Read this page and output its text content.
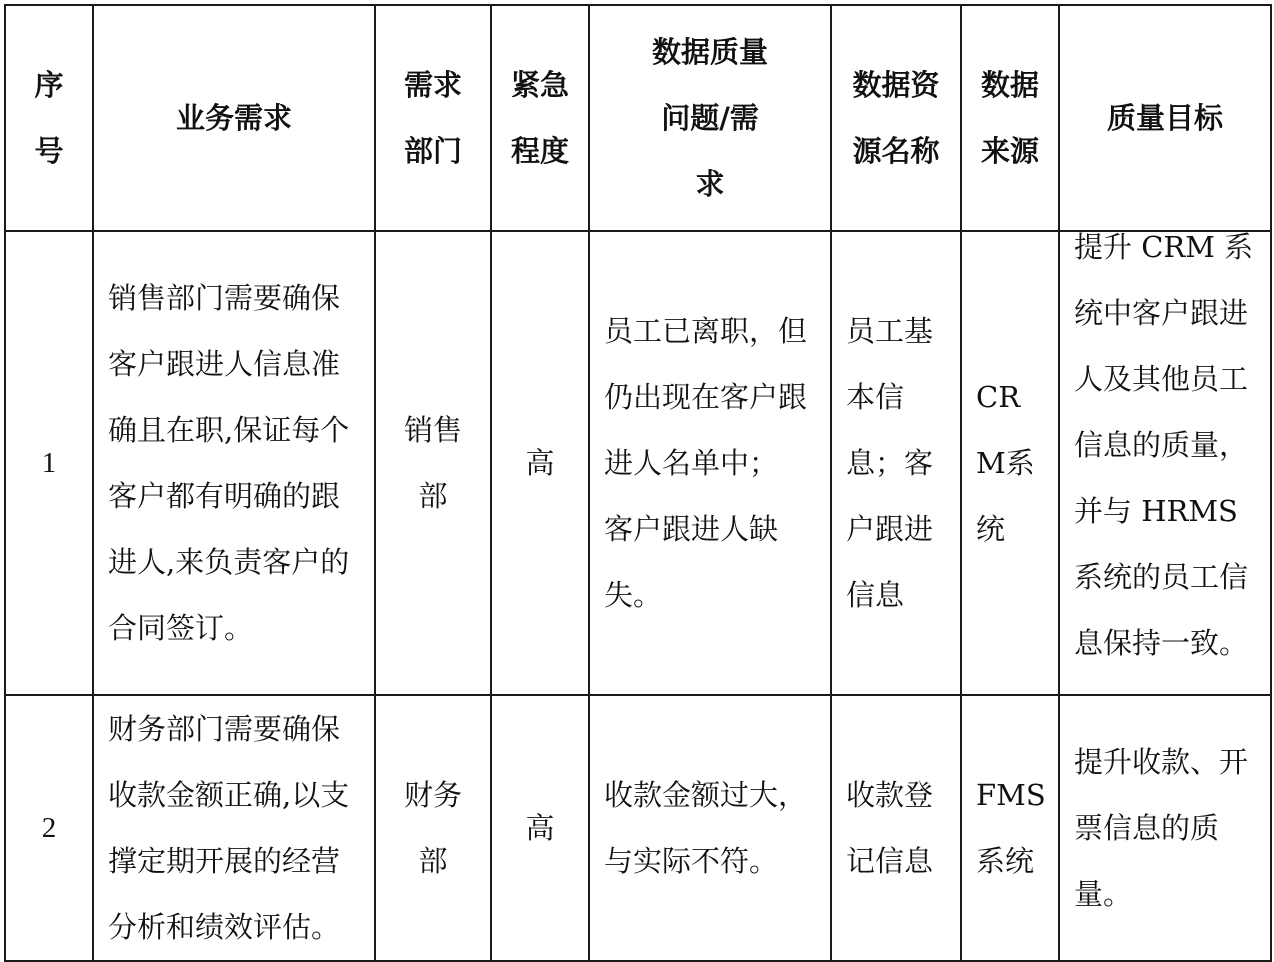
序号	业务需求	需求部门	紧急程度	数据质量问题/需求	数据资源名称	数据来源	质量目标
1	销售部门需要确保客户跟进人信息准确且在职,保证每个客户都有明确的跟进人,来负责客户的合同签订。	销售部	高	员工已离职，但仍出现在客户跟进人名单中；
客户跟进人缺失。	员工基本信息；客户跟进信息	CRM系统	提升 CRM 系统中客户跟进人及其他员工信息的质量，并与 HRMS 系统的员工信息保持一致。

2	财务部门需要确保收款金额正确,以支撑定期开展的经营分析和绩效评估。	财务部	高	收款金额过大，与实际不符。	收款登记信息	FMS系统	提升收款、开票信息的质量。
